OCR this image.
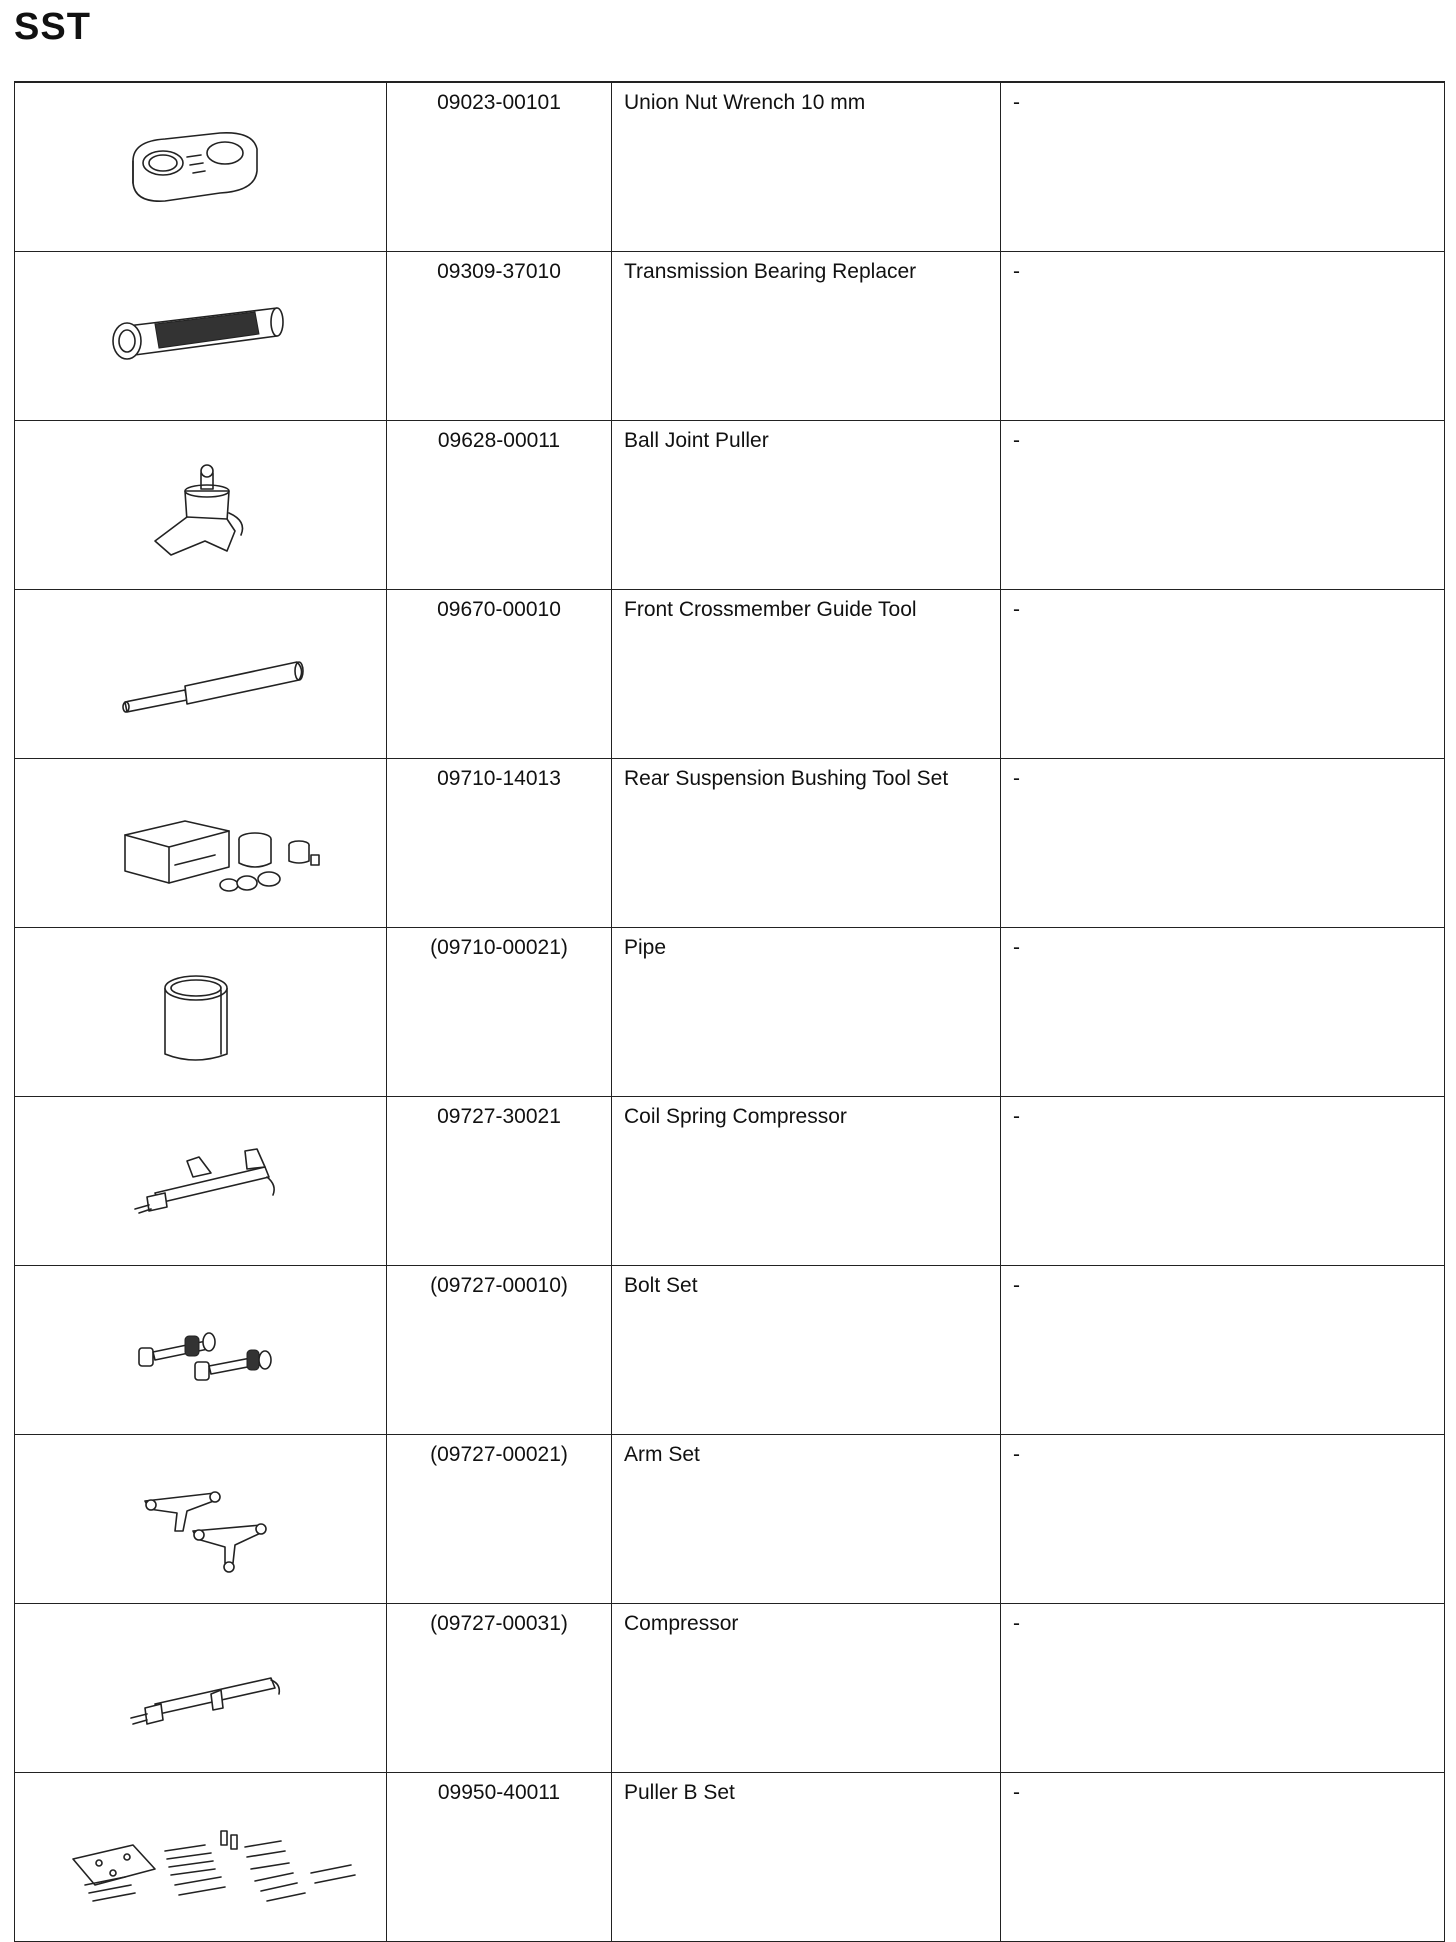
SST
	09023-00101	Union Nut Wrench 10 mm	-

	09309-37010	Transmission Bearing Replacer	-

	09628-00011	Ball Joint Puller	-

	09670-00010	Front Crossmember Guide Tool	-

	09710-14013	Rear Suspension Bushing Tool Set	-

	(09710-00021)	Pipe	-

	09727-30021	Coil Spring Compressor	-

	(09727-00010)	Bolt Set	-

	(09727-00021)	Arm Set	-

	(09727-00031)	Compressor	-

	09950-40011	Puller B Set	-
